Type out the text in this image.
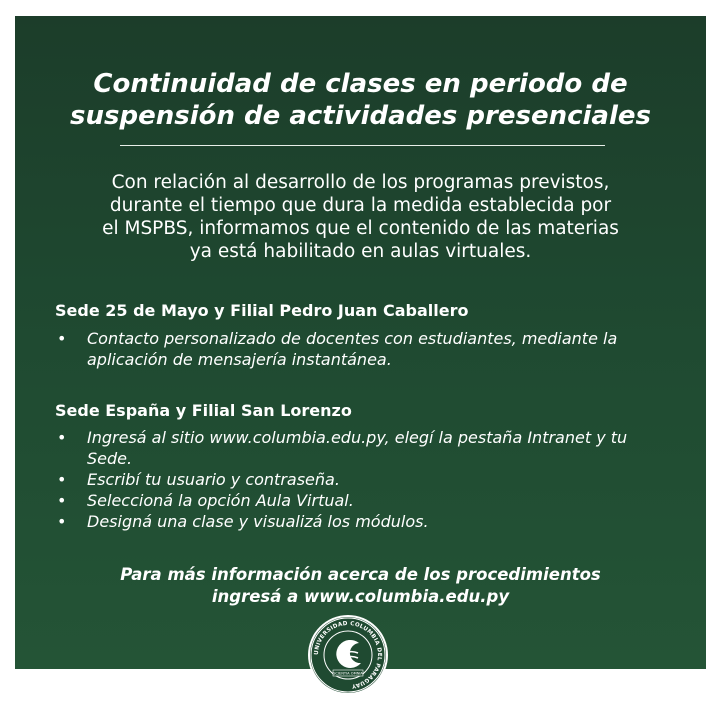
Continuidad de clases en periodo de
suspensión de actividades presenciales
Con relación al desarrollo de los programas previstos,
durante el tiempo que dura la medida establecida por
el MSPBS, informamos que el contenido de las materias
ya está habilitado en aulas virtuales.
Sede 25 de Mayo y Filial Pedro Juan Caballero
• Contacto personalizado de docentes con estudiantes, mediante la aplicación de mensajería instantánea.
Sede España y Filial San Lorenzo
• Ingresá al sitio www.columbia.edu.py, elegí la pestaña Intranet y tu Sede.
• Escribí tu usuario y contraseña.
• Seleccioná la opción Aula Virtual.
• Designá una clase y visualizá los módulos.
Para más información acerca de los procedimientos
ingresá a www.columbia.edu.py
UNIVERSIDAD COLUMBIA DEL PARAGUAY
SCIENTIA OMNIA
